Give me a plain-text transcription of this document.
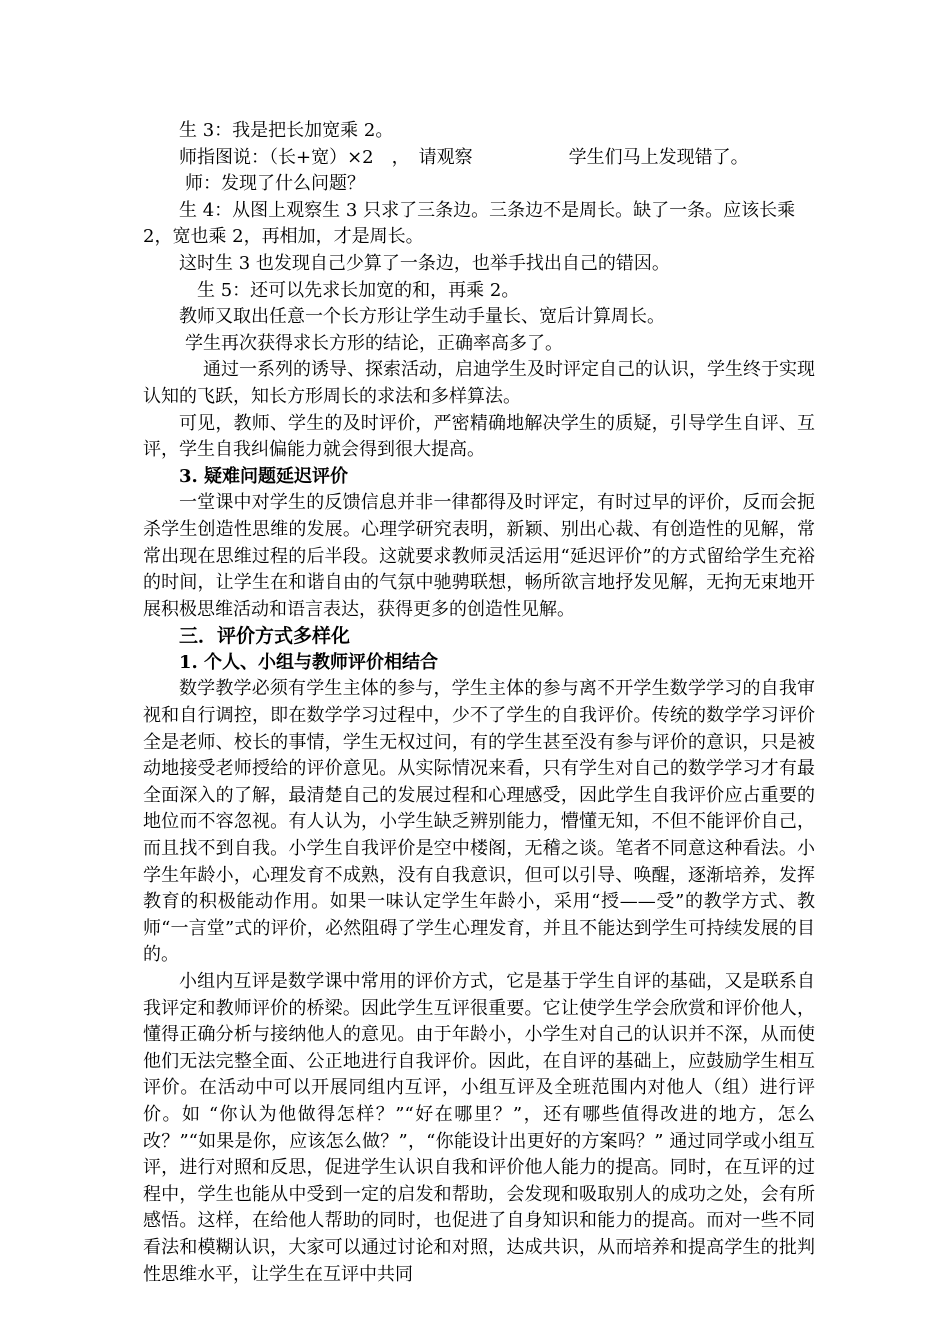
生 3：我是把长加宽乘 2。
师指图说：（长+宽）×2　，　请观察	学生们马上发现错了。
师：发现了什么问题？
生 4：从图上观察生 3 只求了三条边。三条边不是周长。缺了一条。应该长乘
2，宽也乘 2，再相加，才是周长。
这时生 3 也发现自己少算了一条边，也举手找出自己的错因。
生 5：还可以先求长加宽的和，再乘 2。
教师又取出任意一个长方形让学生动手量长、宽后计算周长。
学生再次获得求长方形的结论，正确率高多了。

通过一系列的诱导、探索活动，启迪学生及时评定自己的认识，学生终于实现认知的飞跃，知长方形周长的求法和多样算法。

可见，教师、学生的及时评价，严密精确地解决学生的质疑，引导学生自评、互评，学生自我纠偏能力就会得到很大提高。

3. 疑难问题延迟评价

一堂课中对学生的反馈信息并非一律都得及时评定，有时过早的评价，反而会扼杀学生创造性思维的发展。心理学研究表明，新颖、别出心裁、有创造性的见解，常常出现在思维过程的后半段。这就要求教师灵活运用“延迟评价”的方式留给学生充裕的时间，让学生在和谐自由的气氛中驰骋联想，畅所欲言地抒发见解，无拘无束地开展积极思维活动和语言表达，获得更多的创造性见解。

三．评价方式多样化
1. 个人、小组与教师评价相结合

数学教学必须有学生主体的参与，学生主体的参与离不开学生数学学习的自我审视和自行调控，即在数学学习过程中，少不了学生的自我评价。传统的数学学习评价全是老师、校长的事情，学生无权过问，有的学生甚至没有参与评价的意识，只是被动地接受老师授给的评价意见。从实际情况来看，只有学生对自己的数学学习才有最全面深入的了解，最清楚自己的发展过程和心理感受，因此学生自我评价应占重要的地位而不容忽视。有人认为，小学生缺乏辨别能力，懵懂无知，不但不能评价自己，而且找不到自我。小学生自我评价是空中楼阁，无稽之谈。笔者不同意这种看法。小学生年龄小，心理发育不成熟，没有自我意识，但可以引导、唤醒，逐渐培养，发挥教育的积极能动作用。如果一味认定学生年龄小，采用“授——受”的教学方式、教师“一言堂”式的评价，必然阻碍了学生心理发育，并且不能达到学生可持续发展的目的。

小组内互评是数学课中常用的评价方式，它是基于学生自评的基础，又是联系自我评定和教师评价的桥梁。因此学生互评很重要。它让使学生学会欣赏和评价他人，懂得正确分析与接纳他人的意见。由于年龄小，小学生对自己的认识并不深，从而使他们无法完整全面、公正地进行自我评价。因此，在自评的基础上，应鼓励学生相互评价。在活动中可以开展同组内互评，小组互评及全班范围内对他人（组）进行评价。如 “你认为他做得怎样？”“好在哪里？”，还有哪些值得改进的地方，怎么改？”“如果是你，应该怎么做？”，“你能设计出更好的方案吗？” 通过同学或小组互评，进行对照和反思，促进学生认识自我和评价他人能力的提高。同时，在互评的过程中，学生也能从中受到一定的启发和帮助，会发现和吸取别人的成功之处，会有所感悟。这样，在给他人帮助的同时，也促进了自身知识和能力的提高。而对一些不同看法和模糊认识，大家可以通过讨论和对照，达成共识，从而培养和提高学生的批判性思维水平，让学生在互评中共同
